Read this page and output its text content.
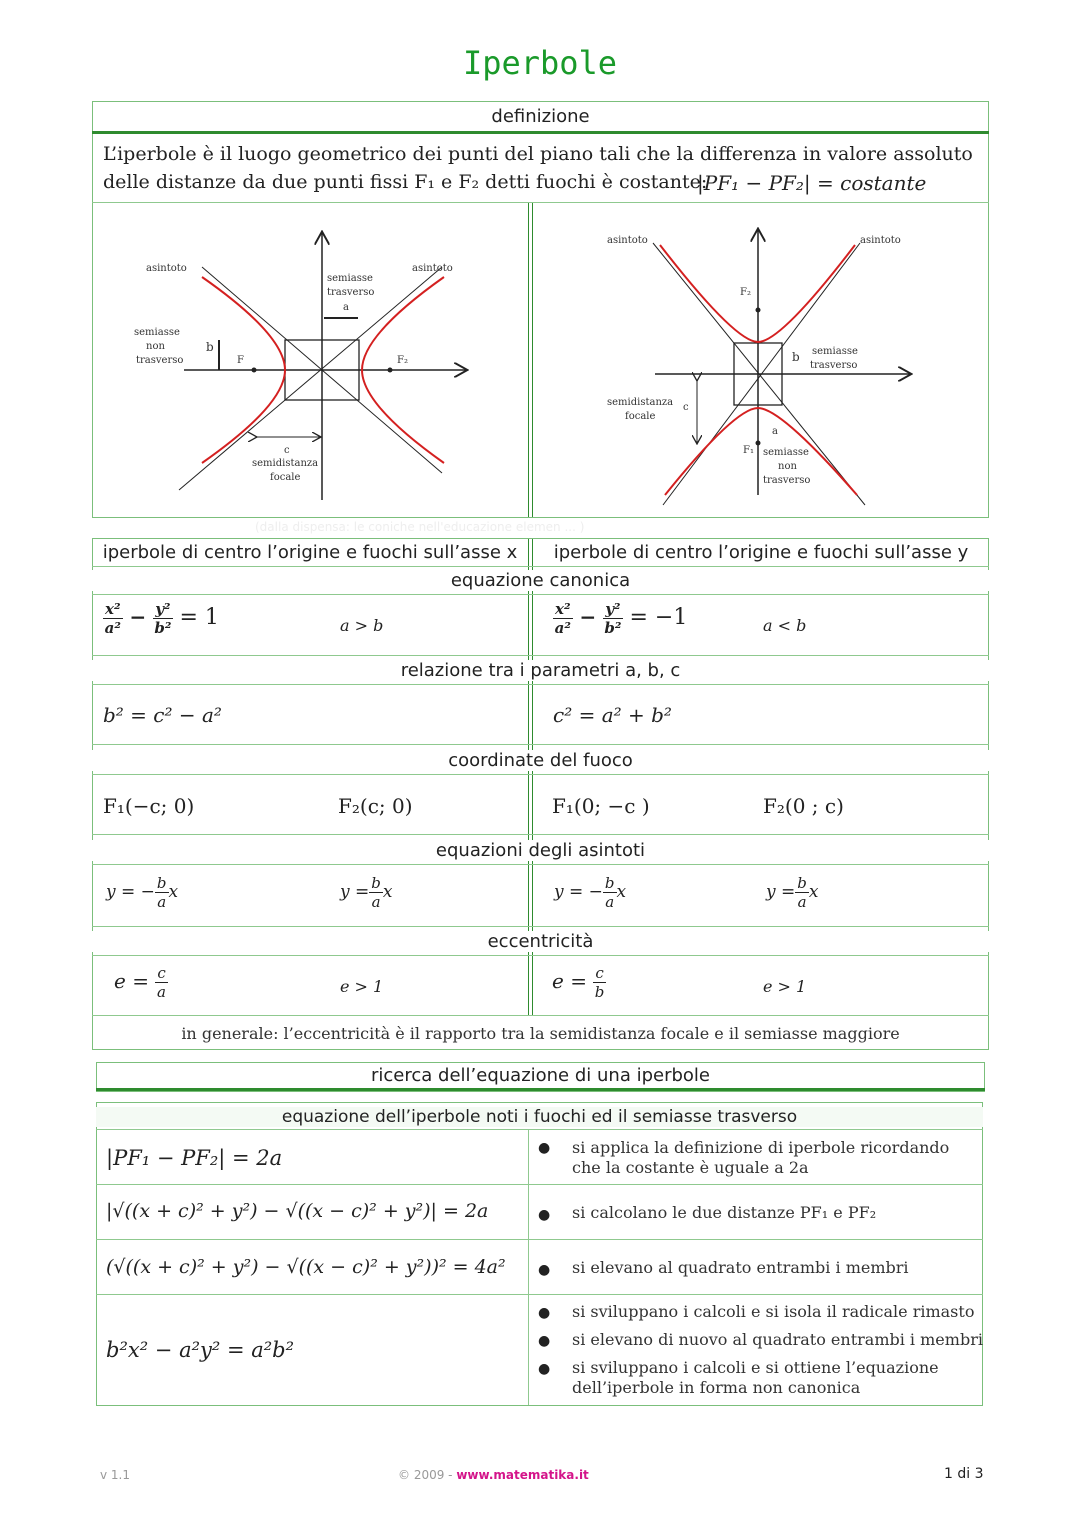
Iperbole
definizione
L’iperbole è il luogo geometrico dei punti del piano tali che la differenza in valore assoluto
delle distanze da due punti fissi F₁ e F₂ detti fuochi è costante:
|PF₁ − PF₂| = costante
asintoto	asintoto
semiasse
trasverso
a
semiasse
non
trasverso
b
F	F₂
c
semidistanza
focale
asintoto	asintoto
F₂
b semiasse
trasverso
semidistanza
focale
c
a
F₁ semiasse
non
trasverso
(dalla dispensa: le coniche nell'educazione elemen ... )
iperbole di centro l’origine e fuochi sull’asse x	iperbole di centro l’origine e fuochi sull’asse y
equazione canonica
$\frac{\text{x²}}{\text{a²}} - \frac{\text{y²}}{\text{b²}} = 1$	a > b	$\frac{\text{x²}}{\text{a²}} - \frac{\text{y²}}{\text{b²}} = -1$	a < b
relazione tra i parametri a, b, c
b² = c² − a²	c² = a² + b²
coordinate del fuoco
F₁(−c; 0)	F₂(c; 0)	F₁(0; −c )	F₂(0 ; c)
equazioni degli asintoti
y = − $\frac{b}{a}$ x	$y = \frac{b}{a}$ x	y = − $\frac{b}{a}$ x	$y = \frac{b}{a}$ x
eccentricità
$e = \frac{c}{a}$	e > 1	$e = \frac{c}{b}$	e > 1
in generale: l’eccentricità è il rapporto tra la semidistanza focale e il semiasse maggiore
ricerca dell’equazione di una iperbole
equazione dell’iperbole noti i fuochi ed il semiasse trasverso
|PF₁ − PF₂| = 2a	● si applica la definizione di iperbole ricordando che la costante è uguale a 2a
|√((x + c)² + y²) − √((x − c)² + y²)| = 2a	● si calcolano le due distanze PF₁ e PF₂
(√((x + c)² + y²) − √((x − c)² + y²))² = 4a² ● si elevano al quadrato entrambi i membri
b²x² − a²y² = a²b²
● si sviluppano i calcoli e si isola il radicale rimasto
● si elevano di nuovo al quadrato entrambi i membri
● si sviluppano i calcoli e si ottiene l’equazione dell’iperbole in forma non canonica
v 1.1	© 2009 - www.matematika.it	1 di 3
